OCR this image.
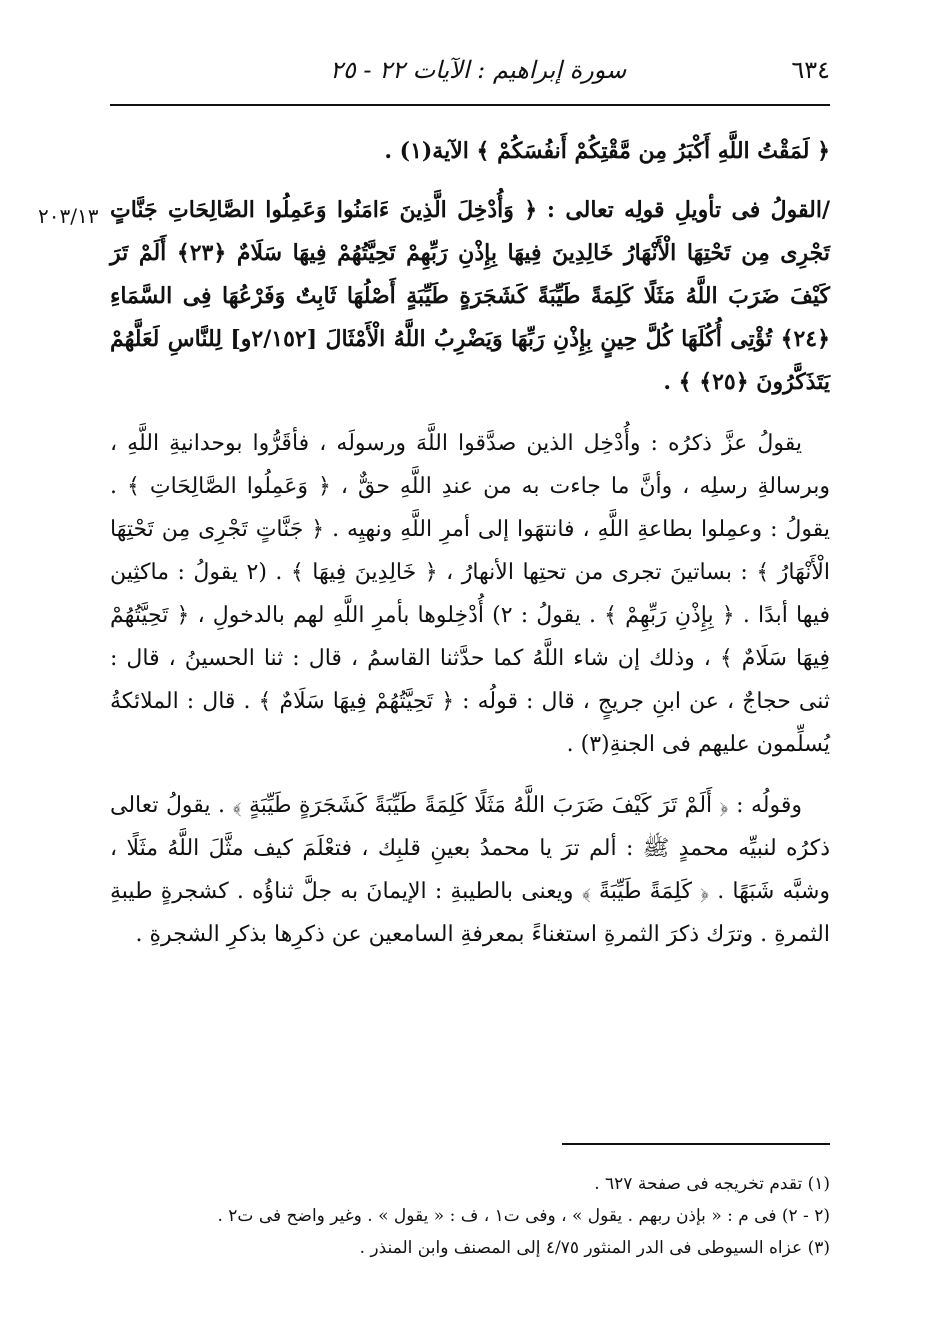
٦٣٤
سورة إبراهيم : الآيات ٢٢ - ٢٥
٢٠٣/١٣

﴿ لَمَقْتُ اللَّهِ أَكْبَرُ مِن مَّقْتِكُمْ أَنفُسَكُمْ ﴾ الآية(١) .

/القولُ فى تأويلِ قولِه تعالى : ﴿ وَأُدْخِلَ الَّذِينَ ءَامَنُوا وَعَمِلُوا الصَّالِحَاتِ جَنَّاتٍ تَجْرِى مِن تَحْتِهَا الْأَنْهَارُ خَالِدِينَ فِيهَا بِإِذْنِ رَبِّهِمْ تَحِيَّتُهُمْ فِيهَا سَلَامٌ ﴿٢٣﴾ أَلَمْ تَرَ كَيْفَ ضَرَبَ اللَّهُ مَثَلًا كَلِمَةً طَيِّبَةً كَشَجَرَةٍ طَيِّبَةٍ أَصْلُهَا ثَابِتٌ وَفَرْعُهَا فِى السَّمَاءِ ﴿٢٤﴾ تُؤْتِى أُكُلَهَا كُلَّ حِينٍ بِإِذْنِ رَبِّهَا وَيَضْرِبُ اللَّهُ الْأَمْثَالَ [٢/١٥٢و] لِلنَّاسِ لَعَلَّهُمْ يَتَذَكَّرُونَ ﴿٢٥﴾ ﴾ .

يقولُ عزَّ ذكرُه : وأُدْخِل الذين صدَّقوا اللَّهَ ورسولَه ، فأقَرُّوا بوحدانيةِ اللَّهِ ، وبرسالةِ رسلِه ، وأنَّ ما جاءت به من عندِ اللَّهِ حقٌّ ، ﴿ وَعَمِلُوا الصَّالِحَاتِ ﴾ . يقولُ : وعمِلوا بطاعةِ اللَّهِ ، فانتهَوا إلى أمرِ اللَّهِ ونهيِه . ﴿ جَنَّاتٍ تَجْرِى مِن تَحْتِهَا الْأَنْهَارُ ﴾ : بساتينَ تجرى من تحتِها الأنهارُ ، ﴿ خَالِدِينَ فِيهَا ﴾ . (٢ يقولُ : ماكثِين فيها أبدًا . ﴿ بِإِذْنِ رَبِّهِمْ ﴾ . يقولُ : ٢) أُدْخِلوها بأمرِ اللَّهِ لهم بالدخولِ ، ﴿ تَحِيَّتُهُمْ فِيهَا سَلَامٌ ﴾ ، وذلك إن شاء اللَّهُ كما حدَّثنا القاسمُ ، قال : ثنا الحسينُ ، قال : ثنى حجاجٌ ، عن ابنِ جريجٍ ، قال : قولُه : ﴿ تَحِيَّتُهُمْ فِيهَا سَلَامٌ ﴾ . قال : الملائكةُ يُسلِّمون عليهم فى الجنةِ(٣) .

وقولُه : ﴿ أَلَمْ تَرَ كَيْفَ ضَرَبَ اللَّهُ مَثَلًا كَلِمَةً طَيِّبَةً كَشَجَرَةٍ طَيِّبَةٍ ﴾ . يقولُ تعالى ذكرُه لنبيِّه محمدٍ ﷺ : ألم ترَ يا محمدُ بعينِ قلبِك ، فتعْلَمَ كيف مثَّلَ اللَّهُ مثَلًا ، وشبَّه شَبَهًا . ﴿ كَلِمَةً طَيِّبَةً ﴾ ويعنى بالطيبةِ : الإيمانَ به جلَّ ثناؤُه . كشجرةٍ طيبةِ الثمرةِ . وترَك ذكرَ الثمرةِ استغناءً بمعرفةِ السامعين عن ذكرِها بذكرِ الشجرةِ .

(١) تقدم تخريجه فى صفحة ٦٢٧ .
(٢ - ٢) فى م : « بإذن ربهم . يقول » ، وفى ت١ ، ف : « يقول » . وغير واضح فى ت٢ .
(٣) عزاه السيوطى فى الدر المنثور ٤/٧٥ إلى المصنف وابن المنذر .
